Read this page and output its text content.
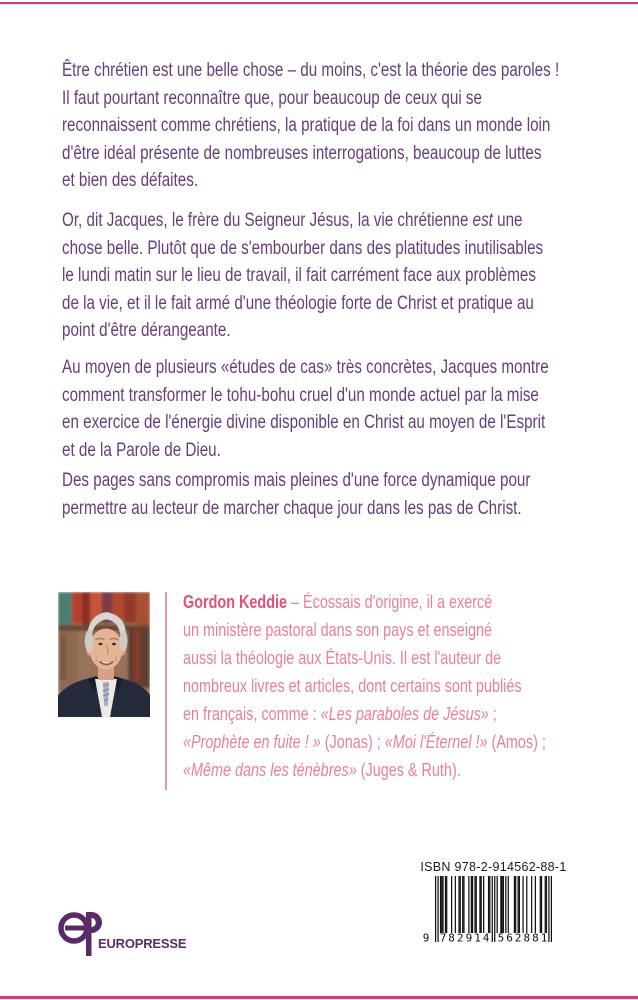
Être chrétien est une belle chose – du moins, c'est la théorie des paroles !
Il faut pourtant reconnaître que, pour beaucoup de ceux qui se
reconnaissent comme chrétiens, la pratique de la foi dans un monde loin
d'être idéal présente de nombreuses interrogations, beaucoup de luttes
et bien des défaites.
Or, dit Jacques, le frère du Seigneur Jésus, la vie chrétienne est une
chose belle. Plutôt que de s'embourber dans des platitudes inutilisables
le lundi matin sur le lieu de travail, il fait carrément face aux problèmes
de la vie, et il le fait armé d'une théologie forte de Christ et pratique au
point d'être dérangeante.
Au moyen de plusieurs «études de cas» très concrètes, Jacques montre
comment transformer le tohu-bohu cruel d'un monde actuel par la mise
en exercice de l'énergie divine disponible en Christ au moyen de l'Esprit
et de la Parole de Dieu.
Des pages sans compromis mais pleines d'une force dynamique pour
permettre au lecteur de marcher chaque jour dans les pas de Christ.
Gordon Keddie – Écossais d'origine, il a exercé
un ministère pastoral dans son pays et enseigné
aussi la théologie aux États-Unis. Il est l'auteur de
nombreux livres et articles, dont certains sont publiés
en français, comme : «Les paraboles de Jésus» ;
«Prophète en fuite ! » (Jonas) ; «Moi l'Éternel !» (Amos) ;
«Même dans les ténèbres» (Juges & Ruth).
ISBN 978-2-914562-88-1
9 7 8 2 9 1 4 5 6 2 8 8 1
EUROPRESSE
